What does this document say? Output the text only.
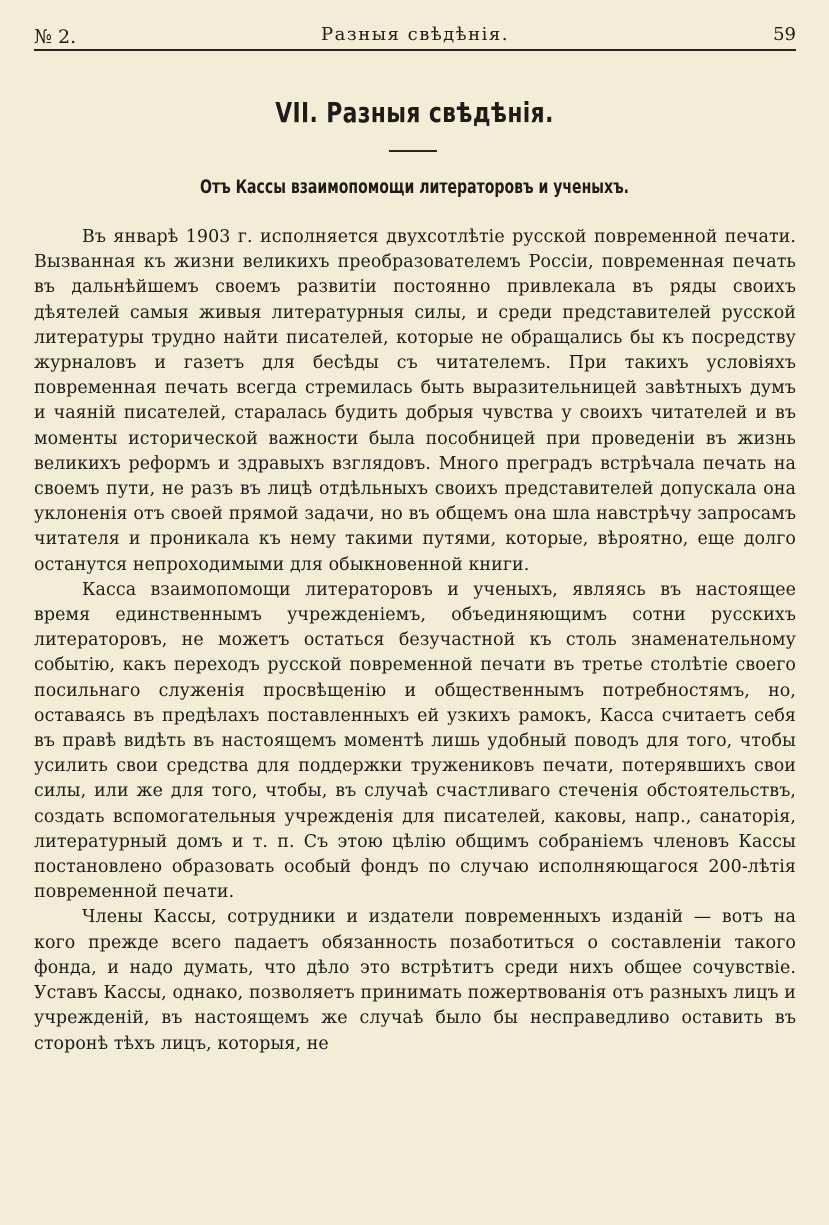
№ 2.	Разныя свѣдѣнія.	59
VII. Разныя свѣдѣнія.
Отъ Кассы взаимопомощи литераторовъ и ученыхъ.

Въ январѣ 1903 г. исполняется двухсотлѣтіе русской повременной печати. Вызванная къ жизни великихъ преобразователемъ Россіи, повременная печать въ дальнѣйшемъ своемъ развитіи постоянно привлекала въ ряды своихъ дѣятелей самыя живыя литературныя силы, и среди представителей русской литературы трудно найти писателей, которые не обращались бы къ посредству журналовъ и газетъ для бесѣды съ читателемъ. При такихъ условіяхъ повременная печать всегда стремилась быть выразительницей завѣтныхъ думъ и чаяній писателей, старалась будить добрыя чувства у своихъ читателей и въ моменты исторической важности была пособницей при проведеніи въ жизнь великихъ реформъ и здравыхъ взглядовъ. Много преградъ встрѣчала печать на своемъ пути, не разъ въ лицѣ отдѣльныхъ своихъ представителей допускала она уклоненія отъ своей прямой задачи, но въ общемъ она шла навстрѣчу запросамъ читателя и проникала къ нему такими путями, которые, вѣроятно, еще долго останутся непроходимыми для обыкновенной книги.

Касса взаимопомощи литераторовъ и ученыхъ, являясь въ настоящее время единственнымъ учрежденіемъ, объединяющимъ сотни русскихъ литераторовъ, не можетъ остаться безучастной къ столь знаменательному событію, какъ переходъ русской повременной печати въ третье столѣтіе своего посильнаго служенія просвѣщенію и общественнымъ потребностямъ, но, оставаясь въ предѣлахъ поставленныхъ ей узкихъ рамокъ, Касса считаетъ себя въ правѣ видѣть въ настоящемъ моментѣ лишь удобный поводъ для того, чтобы усилить свои средства для поддержки тружениковъ печати, потерявшихъ свои силы, или же для того, чтобы, въ случаѣ счастливаго стеченія обстоятельствъ, создать вспомогательныя учрежденія для писателей, каковы, напр., санаторія, литературный домъ и т. п. Съ этою цѣлію общимъ собраніемъ членовъ Кассы постановлено образовать особый фондъ по случаю исполняющагося 200-лѣтія повременной печати.

Члены Кассы, сотрудники и издатели повременныхъ изданій — вотъ на кого прежде всего падаетъ обязанность позаботиться о составленіи такого фонда, и надо думать, что дѣло это встрѣтитъ среди нихъ общее сочувствіе. Уставъ Кассы, однако, позволяетъ принимать пожертвованія отъ разныхъ лицъ и учрежденій, въ настоящемъ же случаѣ было бы несправедливо оставить въ сторонѣ тѣхъ лицъ, которыя, не
